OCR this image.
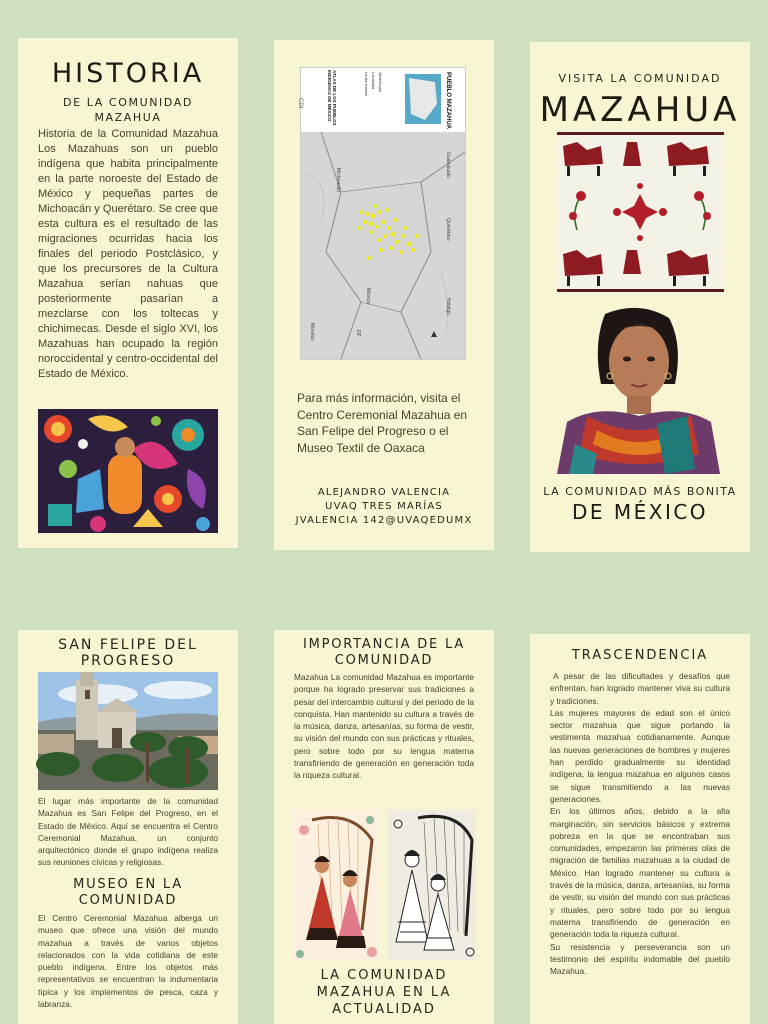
HISTORIA
DE LA COMUNIDAD MAZAHUA
Historia de la Comunidad Mazahua Los Mazahuas son un pueblo indígena que habita principalmente en la parte noroeste del Estado de México y pequeñas partes de Michoacán y Querétaro. Se cree que esta cultura es el resultado de las migraciones ocurridas hacia los finales del periodo Postclásico, y que los precursores de la Cultura Mazahua serían nahuas que posteriormente pasarían a mezclarse con los toltecas y chichimecas. Desde el siglo XVI, los Mazahuas han ocupado la región noroccidental y centro-occidental del Estado de México.
CDI	ATLAS DE LOS PUEBLOS INDÍGENAS DE MÉXICO	Simbología
Localidad
Límite estatal	PUEBLO MAZAHUA
Michoacán
Guanajuato
Querétaro
México
Morelos
Hidalgo
DF
Para más información, visita el Centro Ceremonial Mazahua en San Felipe del Progreso o el Museo Textil de Oaxaca
ALEJANDRO VALENCIA
UVAQ TRES MARÍAS
JVALENCIA 142@UVAQEDUMX
VISITA LA COMUNIDAD
MAZAHUA
LA COMUNIDAD MÁS BONITA
DE MÉXICO
SAN FELIPE DEL PROGRESO
El lugar más importante de la comunidad Mazahua es San Felipe del Progreso, en el Estado de México. Aquí se encuentra el Centro Ceremonial Mazahua, un conjunto arquitectónico donde el grupo indígena realiza sus reuniones cívicas y religiosas.
MUSEO EN LA COMUNIDAD
El Centro Ceremonial Mazahua alberga un museo que ofrece una visión del mundo mazahua a través de varios objetos relacionados con la vida cotidiana de este pueblo indígena. Entre los objetos más representativos se encuentran la indumentaria típica y los implementos de pesca, caza y labranza.
IMPORTANCIA DE LA COMUNIDAD
Mazahua La comunidad Mazahua es importante porque ha logrado preservar sus tradiciones a pesar del intercambio cultural y del periodo de la conquista. Han mantenido su cultura a través de la música, danza, artesanías, su forma de vestir, su visión del mundo con sus prácticas y rituales, pero sobre todo por su lengua materna transfiriendo de generación en generación toda la riqueza cultural.
LA COMUNIDAD MAZAHUA EN LA ACTUALIDAD
TRASCENDENCIA
A pesar de las dificultades y desafíos que enfrentan, han logrado mantener viva su cultura y tradiciones.
Las mujeres mayores de edad son el único sector mazahua que sigue portando la vestimenta mazahua cotidianamente. Aunque las nuevas generaciones de hombres y mujeres han perdido gradualmente su identidad indígena, la lengua mazahua en algunos casos se sigue transmitiendo a las nuevas generaciones.
En los últimos años, debido a la alta marginación, sin servicios básicos y extrema pobreza en la que se encontraban sus comunidades, empezaron las primeras olas de migración de familias mazahuas a la ciudad de México. Han logrado mantener su cultura a través de la música, danza, artesanías, su forma de vestir, su visión del mundo con sus prácticas y rituales, pero sobre todo por su lengua materna transfiriendo de generación en generación toda la riqueza cultural.
Su resistencia y perseverancia son un testimonio del espíritu indomable del pueblo Mazahua.
